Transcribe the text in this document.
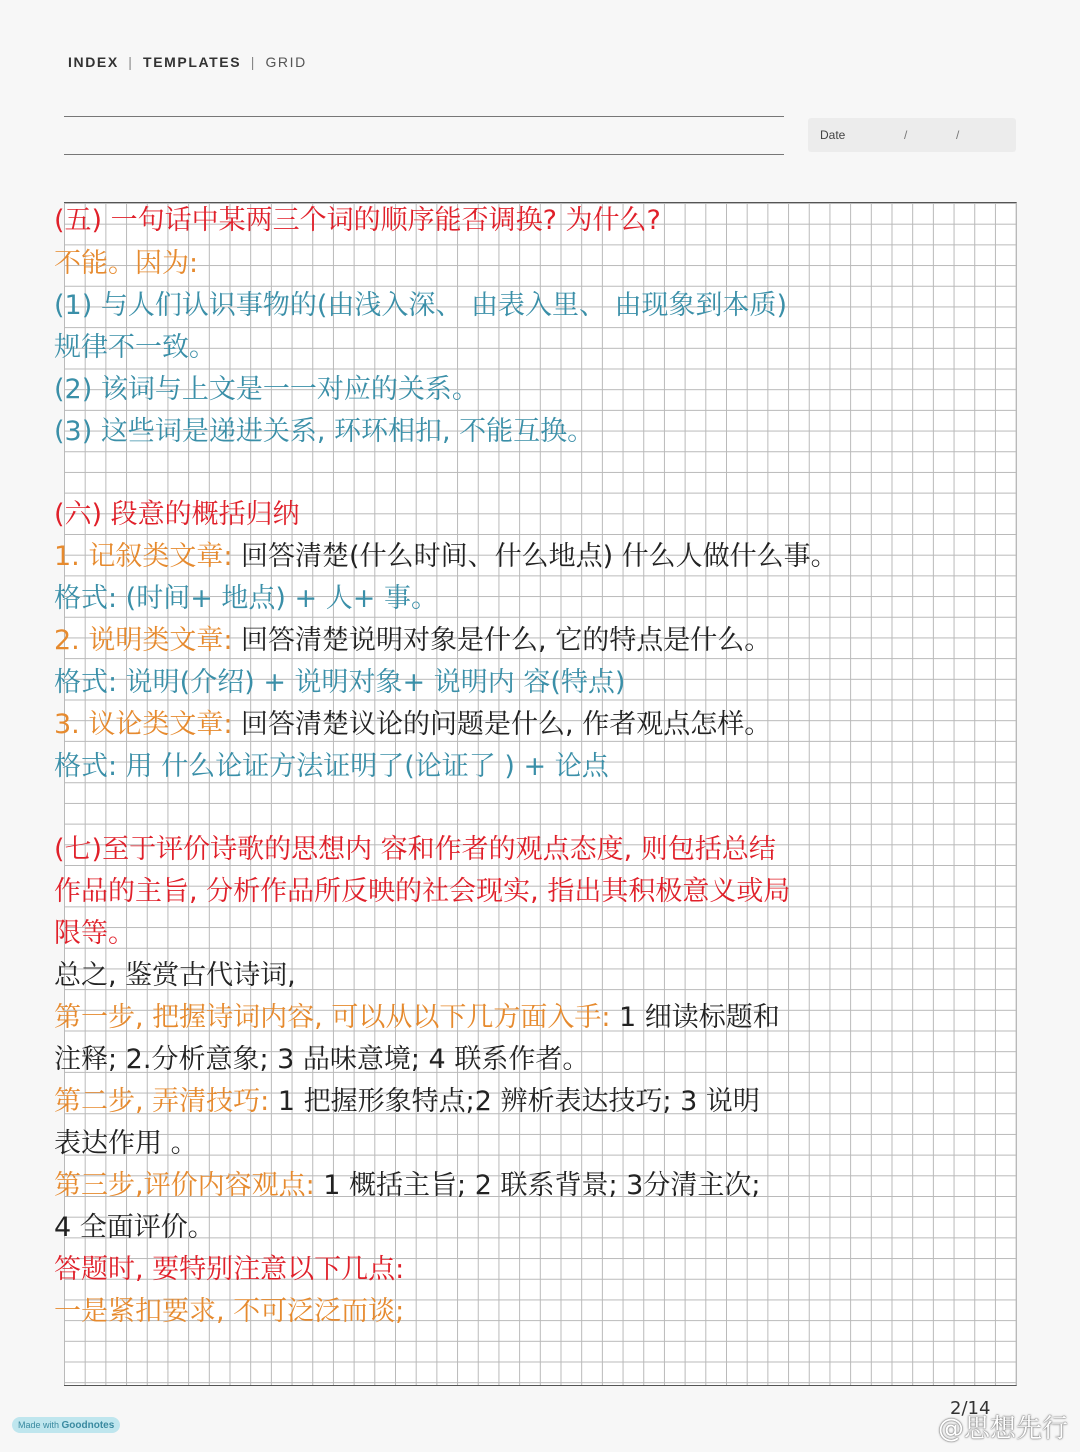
INDEX | TEMPLATES | GRID
Date	/	/
(五) 一句话中某两三个词的顺序能否调换? 为什么?
不能。因为:
(1) 与人们认识事物的(由浅入深、 由表入里、 由现象到本质)
规律不一致。
(2) 该词与上文是一一对应的关系。
(3) 这些词是递进关系, 环环相扣, 不能互换。
(六) 段意的概括归纳
1. 记叙类文章: 回答清楚(什么时间、什么地点) 什么人做什么事。
格式: (时间+ 地点) + 人+ 事。
2. 说明类文章: 回答清楚说明对象是什么, 它的特点是什么。
格式: 说明(介绍) + 说明对象+ 说明内 容(特点)
3. 议论类文章: 回答清楚议论的问题是什么, 作者观点怎样。
格式: 用 什么论证方法证明了(论证了 ) + 论点
(七)至于评价诗歌的思想内 容和作者的观点态度, 则包括总结
作品的主旨, 分析作品所反映的社会现实, 指出其积极意义或局
限等。
总之, 鉴赏古代诗词,
第一步, 把握诗词内容, 可以从以下几方面入手: 1 细读标题和
注释; 2.分析意象; 3 品味意境; 4 联系作者。
第二步, 弄清技巧: 1 把握形象特点;2 辨析表达技巧; 3 说明
表达作用 。
第三步,评价内容观点: 1 概括主旨; 2 联系背景; 3分清主次;
4 全面评价。
答题时, 要特别注意以下几点:
一是紧扣要求, 不可泛泛而谈;
Made with Goodnotes
2/14
@思想先行
